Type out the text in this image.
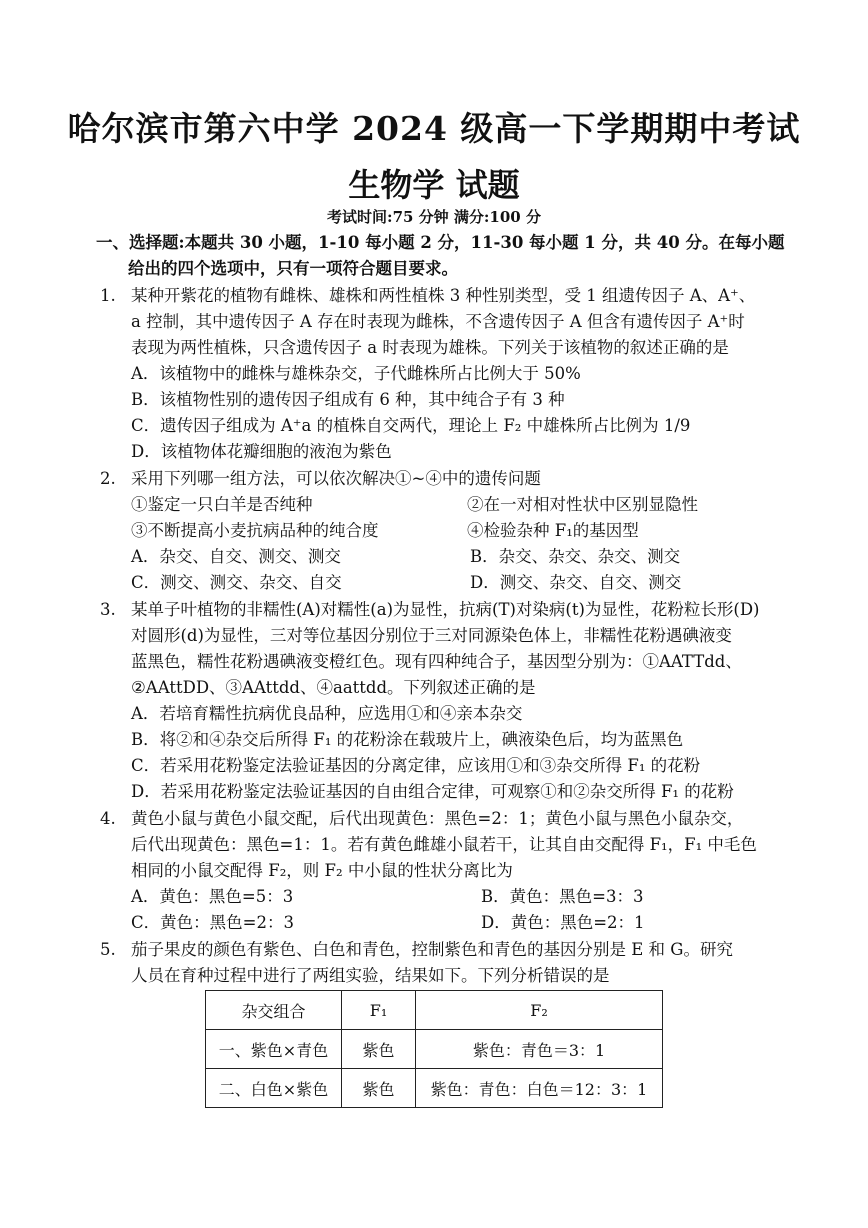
哈尔滨市第六中学 2024 级高一下学期期中考试
生物学 试题
考试时间:75 分钟 满分:100 分
一、选择题:本题共 30 小题，1-10 每小题 2 分，11-30 每小题 1 分，共 40 分。在每小题
给出的四个选项中，只有一项符合题目要求。
1. 某种开紫花的植物有雌株、雄株和两性植株 3 种性别类型，受 1 组遗传因子 A、A⁺、
a 控制，其中遗传因子 A 存在时表现为雌株，不含遗传因子 A 但含有遗传因子 A⁺时
表现为两性植株，只含遗传因子 a 时表现为雄株。下列关于该植物的叙述正确的是
A．该植物中的雌株与雄株杂交，子代雌株所占比例大于 50%
B．该植物性别的遗传因子组成有 6 种，其中纯合子有 3 种
C．遗传因子组成为 A⁺a 的植株自交两代，理论上 F₂ 中雄株所占比例为 1/9
D．该植物体花瓣细胞的液泡为紫色
2. 采用下列哪一组方法，可以依次解决①~④中的遗传问题
①鉴定一只白羊是否纯种	②在一对相对性状中区别显隐性
③不断提高小麦抗病品种的纯合度	④检验杂种 F₁的基因型
A．杂交、自交、测交、测交	B．杂交、杂交、杂交、测交
C．测交、测交、杂交、自交	D．测交、杂交、自交、测交
3. 某单子叶植物的非糯性(A)对糯性(a)为显性，抗病(T)对染病(t)为显性，花粉粒长形(D)
对圆形(d)为显性，三对等位基因分别位于三对同源染色体上，非糯性花粉遇碘液变
蓝黑色，糯性花粉遇碘液变橙红色。现有四种纯合子，基因型分别为：①AATTdd、
②AAttDD、③AAttdd、④aattdd。下列叙述正确的是
A．若培育糯性抗病优良品种，应选用①和④亲本杂交
B．将②和④杂交后所得 F₁ 的花粉涂在载玻片上，碘液染色后，均为蓝黑色
C．若采用花粉鉴定法验证基因的分离定律，应该用①和③杂交所得 F₁ 的花粉
D．若采用花粉鉴定法验证基因的自由组合定律，可观察①和②杂交所得 F₁ 的花粉
4. 黄色小鼠与黄色小鼠交配，后代出现黄色：黑色=2：1；黄色小鼠与黑色小鼠杂交，
后代出现黄色：黑色=1：1。若有黄色雌雄小鼠若干，让其自由交配得 F₁，F₁ 中毛色
相同的小鼠交配得 F₂，则 F₂ 中小鼠的性状分离比为
A．黄色：黑色=5：3	B．黄色：黑色=3：3
C．黄色：黑色=2：3	D．黄色：黑色=2：1
5. 茄子果皮的颜色有紫色、白色和青色，控制紫色和青色的基因分别是 E 和 G。研究
人员在育种过程中进行了两组实验，结果如下。下列分析错误的是
杂交组合	F₁	F₂
一、紫色×青色	紫色	紫色：青色＝3：1
二、白色×紫色	紫色	紫色：青色：白色＝12：3：1
